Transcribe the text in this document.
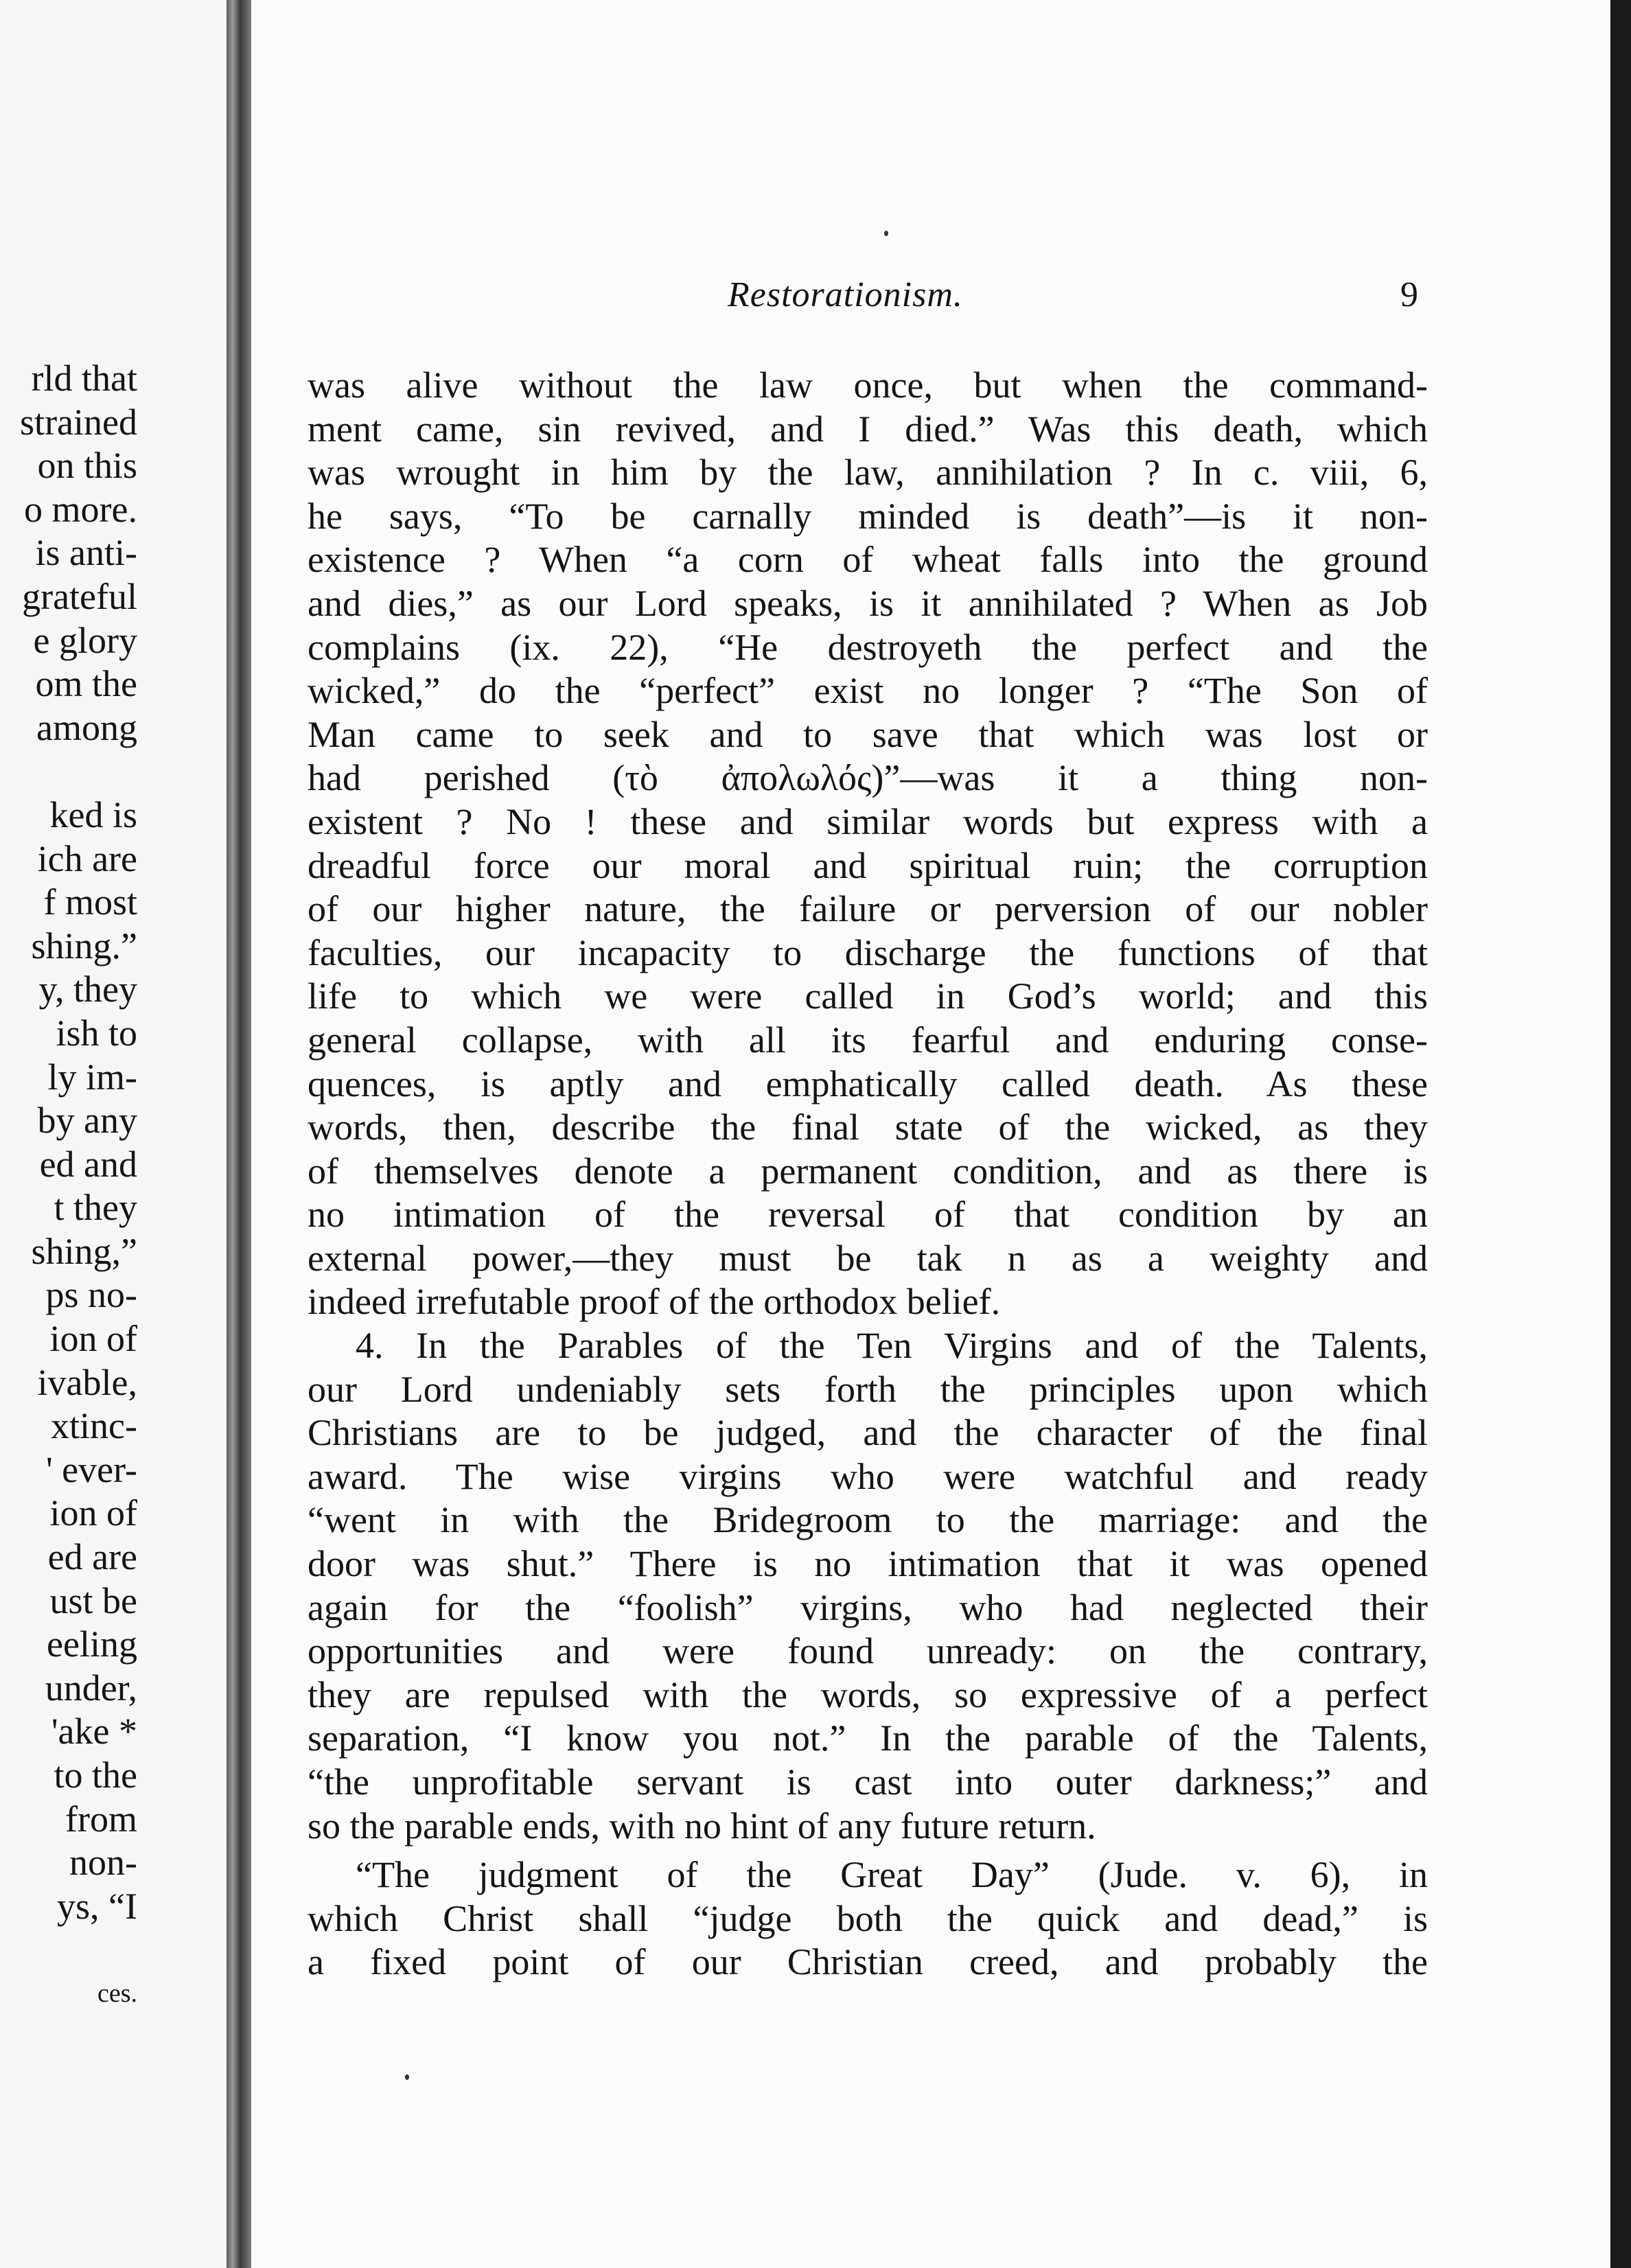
rld that
strained
on this
o more.
is anti-
grateful
e glory
om the
among
ked is
ich are
f most
shing.”
y, they
ish to
ly im-
by any
ed and
t they
shing,”
ps no-
ion of
ivable,
xtinc-
' ever-
ion of
ed are
ust be
eeling
under,
'ake *
to the
from
non-
ys, “I
ces.
Restorationism.	9
was alive without the law once, but when the command-
ment came, sin revived, and I died.” Was this death, which
was wrought in him by the law, annihilation ? In c. viii, 6,
he says, “To be carnally minded is death”—is it non-
existence ? When “a corn of wheat falls into the ground
and dies,” as our Lord speaks, is it annihilated ? When as Job
complains (ix. 22), “He destroyeth the perfect and the
wicked,” do the “perfect” exist no longer ? “The Son of
Man came to seek and to save that which was lost or
had perished (τὸ ἀπολωλός)”—was it a thing non-
existent ? No ! these and similar words but express with a
dreadful force our moral and spiritual ruin; the corruption
of our higher nature, the failure or perversion of our nobler
faculties, our incapacity to discharge the functions of that
life to which we were called in God’s world; and this
general collapse, with all its fearful and enduring conse-
quences, is aptly and emphatically called death. As these
words, then, describe the final state of the wicked, as they
of themselves denote a permanent condition, and as there is
no intimation of the reversal of that condition by an
external power,—they must be tak n as a weighty and
indeed irrefutable proof of the orthodox belief.
4. In the Parables of the Ten Virgins and of the Talents,
our Lord undeniably sets forth the principles upon which
Christians are to be judged, and the character of the final
award. The wise virgins who were watchful and ready
“went in with the Bridegroom to the marriage: and the
door was shut.” There is no intimation that it was opened
again for the “foolish” virgins, who had neglected their
opportunities and were found unready: on the contrary,
they are repulsed with the words, so expressive of a perfect
separation, “I know you not.” In the parable of the Talents,
“the unprofitable servant is cast into outer darkness;” and
so the parable ends, with no hint of any future return.
“The judgment of the Great Day” (Jude. v. 6), in
which Christ shall “judge both the quick and dead,” is
a fixed point of our Christian creed, and probably the
